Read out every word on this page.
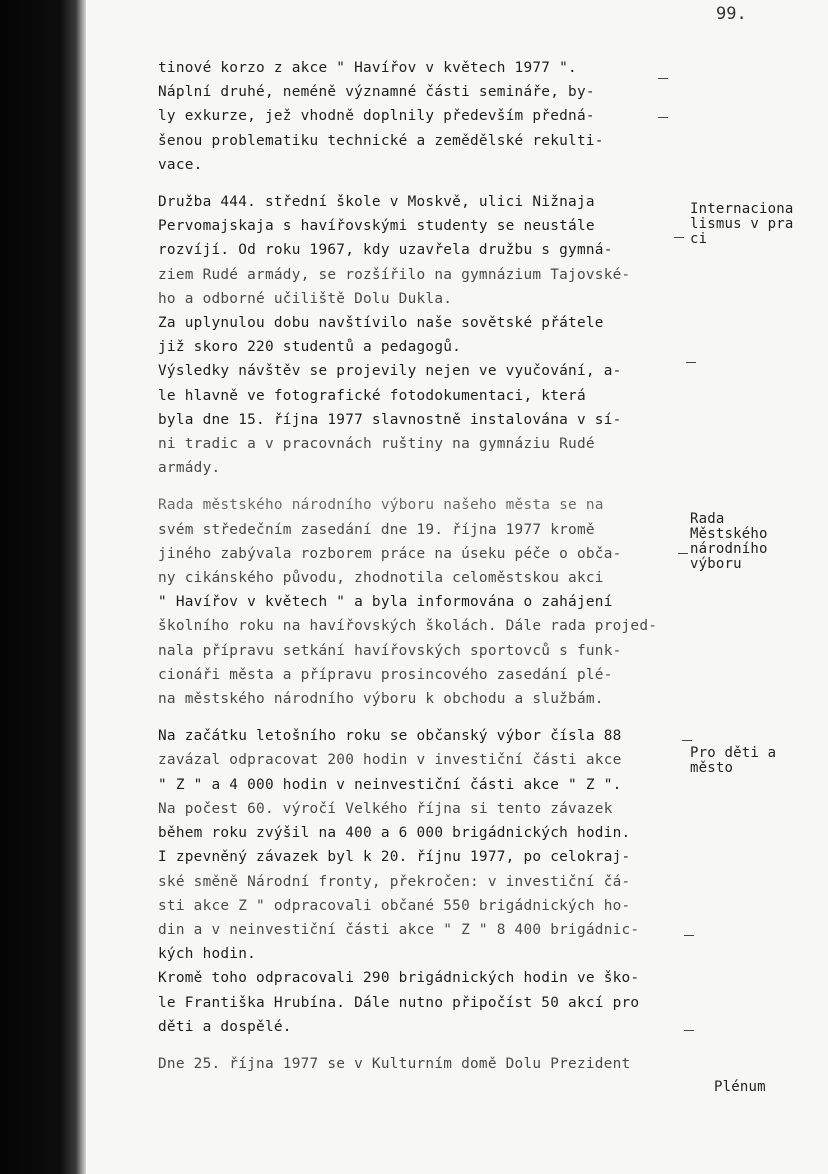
99.

tinové korzo z akce " Havířov v květech 1977 ".
Náplní druhé, neméně významné části semináře, by-
ly exkurze, jež vhodně doplnily především předná-
šenou problematiku technické a zemědělské rekulti-
vace.

Družba 444. střední škole v Moskvě, ulici Nižnaja
Pervomajskaja s havířovskými studenty se neustále
rozvíjí. Od roku 1967, kdy uzavřela družbu s gymná-
ziem Rudé armády, se rozšířilo na gymnázium Tajovské-
ho a odborné učiliště Dolu Dukla.
Za uplynulou dobu navštívilo naše sovětské přátele
již skoro 220 studentů a pedagogů.
Výsledky návštěv se projevily nejen ve vyučování, a-
le hlavně ve fotografické fotodokumentaci, která
byla dne 15. října 1977 slavnostně instalována v sí-
ni tradic a v pracovnách ruštiny na gymnáziu Rudé
armády.

Rada městského národního výboru našeho města se na
svém středečním zasedání dne 19. října 1977 kromě
jiného zabývala rozborem práce na úseku péče o obča-
ny cikánského původu, zhodnotila celoměstskou akci
" Havířov v květech " a byla informována o zahájení
školního roku na havířovských školách. Dále rada projed-
nala přípravu setkání havířovských sportovců s funk-
cionáři města a přípravu prosincového zasedání plé-
na městského národního výboru k obchodu a službám.

Na začátku letošního roku se občanský výbor čísla 88
zavázal odpracovat 200 hodin v investiční části akce
" Z " a 4 000 hodin v neinvestiční části akce " Z ".
Na počest 60. výročí Velkého října si tento závazek
během roku zvýšil na 400 a 6 000 brigádnických hodin.
I zpevněný závazek byl k 20. říjnu 1977, po celokraj-
ské směně Národní fronty, překročen: v investiční čá-
sti akce Z " odpracovali občané 550 brigádnických ho-
din a v neinvestiční části akce " Z " 8 400 brigádnic-
kých hodin.
Kromě toho odpracovali 290 brigádnických hodin ve ško-
le Františka Hrubína. Dále nutno připočíst 50 akcí pro
děti a dospělé.

Dne 25. října 1977 se v Kulturním domě Dolu Prezident

Internaciona
lismus v pra
ci
Rada
Městského
národního
výboru
Pro děti a
město
Plénum
